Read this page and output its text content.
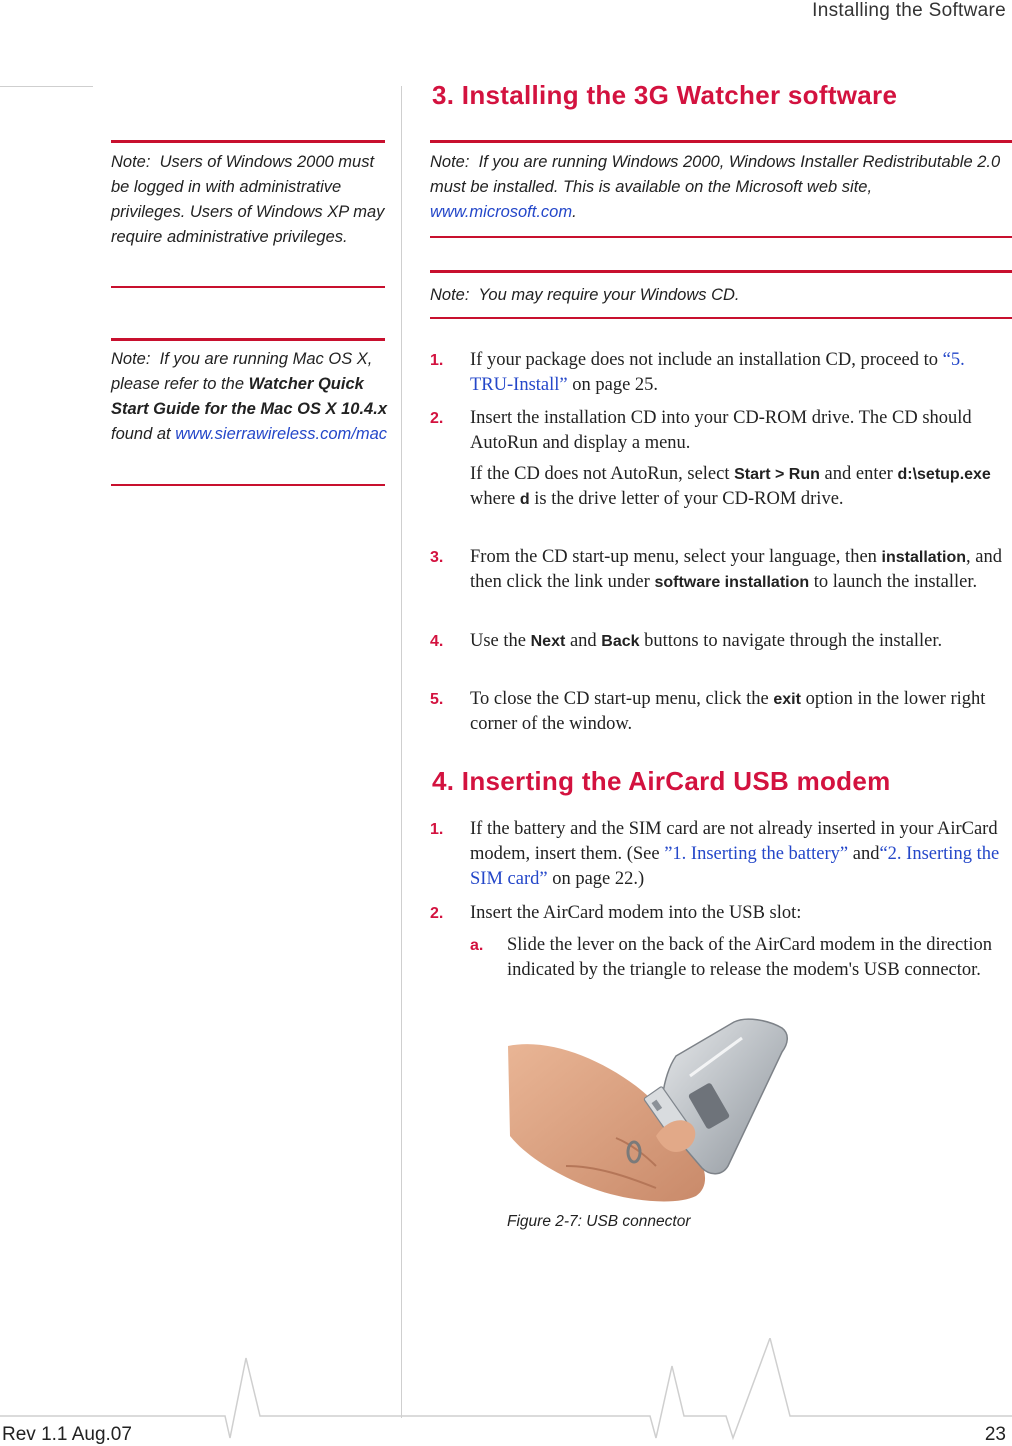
Installing the Software
3. Installing the 3G Watcher software
Note: Users of Windows 2000 must be logged in with administrative privileges. Users of Windows XP may require administrative privileges.
Note: If you are running Mac OS X, please refer to the Watcher Quick Start Guide for the Mac OS X 10.4.x found at www.sierrawireless.com/mac
Note: If you are running Windows 2000, Windows Installer Redistributable 2.0 must be installed. This is available on the Microsoft web site, www.microsoft.com.
Note: You may require your Windows CD.
1. If your package does not include an installation CD, proceed to “5. TRU-Install” on page 25.
2. Insert the installation CD into your CD-ROM drive. The CD should AutoRun and display a menu.
If the CD does not AutoRun, select Start > Run and enter d:\setup.exe where d is the drive letter of your CD-ROM drive.
3. From the CD start-up menu, select your language, then installation, and then click the link under software installation to launch the installer.
4. Use the Next and Back buttons to navigate through the installer.
5. To close the CD start-up menu, click the exit option in the lower right corner of the window.
4. Inserting the AirCard USB modem
1. If the battery and the SIM card are not already inserted in your AirCard modem, insert them. (See ”1. Inserting the battery” and“2. Inserting the SIM card” on page 22.)
2. Insert the AirCard modem into the USB slot:
a. Slide the lever on the back of the AirCard modem in the direction indicated by the triangle to release the modem's USB connector.
Figure 2-7: USB connector
Rev 1.1 Aug.07	23
